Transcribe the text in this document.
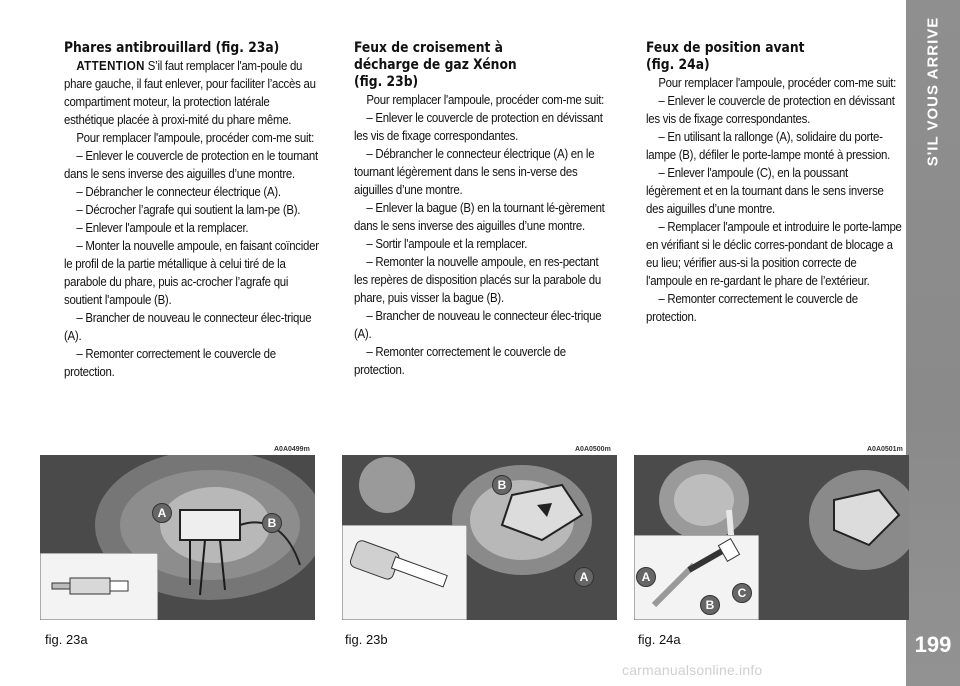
S'IL VOUS ARRIVE
199
Phares antibrouillard (fig. 23a)

ATTENTION S’il faut remplacer l'am-poule du phare gauche, il faut enlever, pour faciliter l’accès au compartiment moteur, la protection latérale esthétique placée à proxi-mité du phare même.

Pour remplacer l'ampoule, procéder com-me suit:

– Enlever le couvercle de protection en le tournant dans le sens inverse des aiguilles d’une montre.

– Débrancher le connecteur électrique (A).

– Décrocher l’agrafe qui soutient la lam-pe (B).

– Enlever l'ampoule et la remplacer.

– Monter la nouvelle ampoule, en faisant coïncider le profil de la partie métallique à celui tiré de la parabole du phare, puis ac-crocher l’agrafe qui soutient l'ampoule (B).

– Brancher de nouveau le connecteur élec-trique (A).

– Remonter correctement le couvercle de protection.

Feux de croisement à
décharge de gaz Xénon
(fig. 23b)

Pour remplacer l'ampoule, procéder com-me suit:

– Enlever le couvercle de protection en dévissant les vis de fixage correspondantes.

– Débrancher le connecteur électrique (A) en le tournant légèrement dans le sens in-verse des aiguilles d’une montre.

– Enlever la bague (B) en la tournant lé-gèrement dans le sens inverse des aiguilles d’une montre.

– Sortir l'ampoule et la remplacer.

– Remonter la nouvelle ampoule, en res-pectant les repères de disposition placés sur la parabole du phare, puis visser la bague (B).

– Brancher de nouveau le connecteur élec-trique (A).

– Remonter correctement le couvercle de protection.

Feux de position avant
(fig. 24a)

Pour remplacer l'ampoule, procéder com-me suit:

– Enlever le couvercle de protection en dévissant les vis de fixage correspondantes.

– En utilisant la rallonge (A), solidaire du porte-lampe (B), défiler le porte-lampe monté à pression.

– Enlever l'ampoule (C), en la poussant légèrement et en la tournant dans le sens inverse des aiguilles d’une montre.

– Remplacer l'ampoule et introduire le porte-lampe en vérifiant si le déclic corres-pondant de blocage a eu lieu; vérifier aus-si la position correcte de l'ampoule en re-gardant le phare de l’extérieur.

– Remonter correctement le couvercle de protection.

A0A0499m	A0A0500m	A0A0501m
A
B
B
A	A
B
C
fig. 23a	fig. 23b	fig. 24a
carmanualsonline.info
